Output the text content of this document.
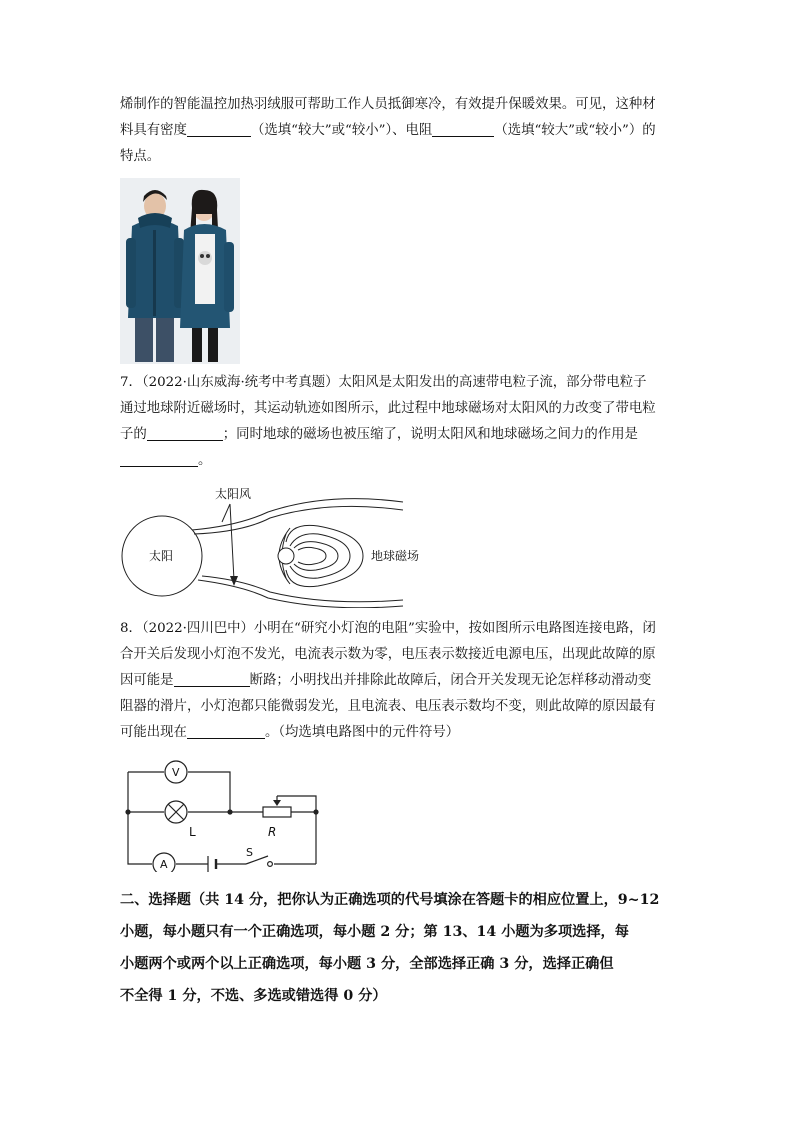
烯制作的智能温控加热羽绒服可帮助工作人员抵御寒冷，有效提升保暖效果。可见，这种材
料具有密度	（选填“较大”或“较小”）、电阻	（选填“较大”或“较小”）的
特点。
7．（2022·山东威海·统考中考真题）太阳风是太阳发出的高速带电粒子流，部分带电粒子
通过地球附近磁场时，其运动轨迹如图所示，此过程中地球磁场对太阳风的力改变了带电粒
子的	；同时地球的磁场也被压缩了，说明太阳风和地球磁场之间力的作用是
。
太阳风
太阳	地球磁场
8．（2022·四川巴中）小明在“研究小灯泡的电阻”实验中，按如图所示电路图连接电路，闭
合开关后发现小灯泡不发光，电流表示数为零，电压表示数接近电源电压，出现此故障的原
因可能是	断路；小明找出并排除此故障后，闭合开关发现无论怎样移动滑动变
阻器的滑片，小灯泡都只能微弱发光，且电流表、电压表示数均不变，则此故障的原因最有
可能出现在	。（均选填电路图中的元件符号）
V
L	R
A
S
二、选择题（共 14 分，把你认为正确选项的代号填涂在答题卡的相应位置上，9~12
小题，每小题只有一个正确选项，每小题 2 分；第 13、14 小题为多项选择，每
小题两个或两个以上正确选项，每小题 3 分，全部选择正确 3 分，选择正确但
不全得 1 分，不选、多选或错选得 0 分）
